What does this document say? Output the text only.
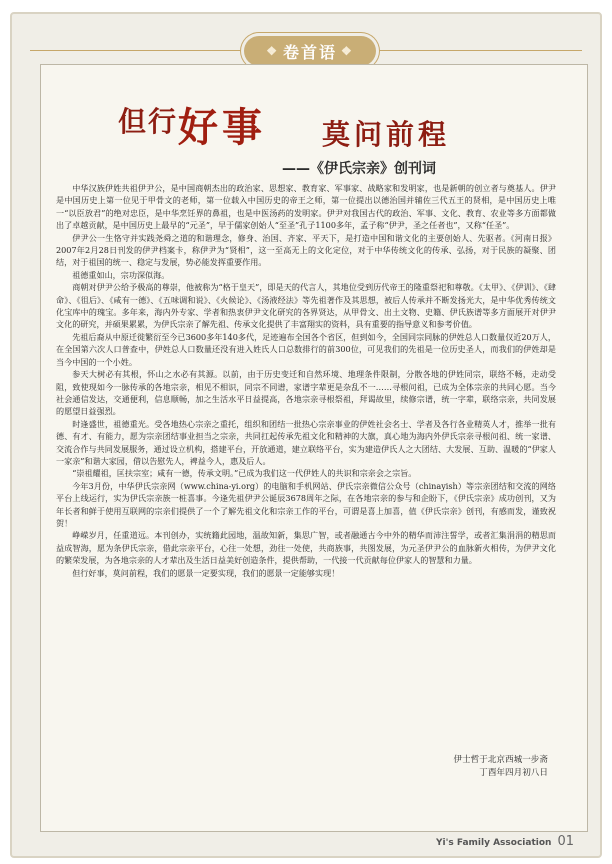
❖ 卷首语 ❖
但行好事 莫问前程
——《伊氏宗亲》创刊词

中华汉族伊姓共祖伊尹公，是中国商朝杰出的政治家、思想家、教育家、军事家、战略家和发明家，也是新朝的创立者与奠基人。伊尹是中国历史上第一位见于甲骨文的老师，第一位载入中国历史的帝王之师，第一位提出以德治国并辅佐三代五王的贤相，是中国历史上唯一“以臣放君”的绝对忠臣，是中华烹饪界的鼻祖，也是中医汤药的发明家。伊尹对我国古代的政治、军事、文化、教育、农业等多方面都做出了卓越贡献，是中国历史上最早的“元圣”，早于儒家创始人“至圣”孔子1100多年，孟子称“伊尹，圣之任者也”，又称“任圣”。

伊尹公一生恪守并实践尧舜之道的和谐理念，修身、治国、齐家、平天下，是打造中国和谐文化的主要创始人、先驱者。《河南日报》2007年2月28日刊发的伊尹档案卡，称伊尹为“贤相”，这一至高无上的文化定位，对于中华传统文化的传承、弘扬，对于民族的凝聚、团结，对于祖国的统一、稳定与发展，势必能发挥重要作用。

祖德重如山，宗功深似海。

商朝对伊尹公给予极高的尊崇，他被称为“格于皇天”，即是天的代言人，其地位受到历代帝王的隆重祭祀和尊敬。《太甲》、《伊训》、《肆命》、《徂后》、《咸有一德》、《五味调和说》、《火候论》、《汤液经法》等先祖著作及其思想，被后人传承并不断发扬光大，是中华优秀传统文化宝库中的瑰宝。多年来，海内外专家、学者和热衷伊尹文化研究的各界贤达，从甲骨文、出土文物、史籍、伊氏族谱等多方面展开对伊尹文化的研究，并硕果累累，为伊氏宗亲了解先祖、传承文化提供了丰富翔实的资料，具有重要的指导意义和参考价值。

先祖后裔从中原迁徙繁衍至今已3600多年140多代，足迹遍布全国各个省区，但到如今，全国同宗同脉的伊姓总人口数量仅近20万人，在全国第六次人口普查中，伊姓总人口数量还没有进入姓氏人口总数排行的前300位，可见我们的先祖是一位历史圣人，而我们的伊姓却是当今中国的一个小姓。

参天大树必有其根，怀山之水必有其源。以前，由于历史变迁和自然环境、地理条件限制，分散各地的伊姓同宗，联络不畅，走动受阻，致使现如今一脉传承的各地宗亲，相见不相识，同宗不同谱，家谱字辈更是杂乱不一……寻根问祖，已成为全体宗亲的共同心愿。当今社会通信发达，交通便利，信息顺畅，加之生活水平日益提高，各地宗亲寻根祭祖，拜谒故里，续修宗谱，统一字辈，联络宗亲，共同发展的愿望日益强烈。

时逢盛世，祖德重光。受各地热心宗亲之重托，组织和团结一批热心宗亲事业的伊姓社会名士、学者及各行各业精英人才，推举一批有德、有才、有能力，愿为宗亲团结事业担当之宗亲，共同扛起传承先祖文化和精神的大旗，真心地为海内外伊氏宗亲寻根问祖、统一家谱、交流合作与共同发展服务，通过设立机构，搭建平台，开放通道，建立联络平台，实为建造伊氏人之大团结、大发展、互助、温暖的“伊家人一家亲”和谐大家园，借以告慰先人，裨益今人，惠及后人。

“崇祖耀祖，匡扶宗室；咸有一德，传承文明。”已成为我们这一代伊姓人的共识和宗亲会之宗旨。

今年3月份，中华伊氏宗亲网（www.china-yi.org）的电脑和手机网站、伊氏宗亲微信公众号（chinayish）等宗亲团结和交流的网络平台上线运行，实为伊氏宗亲族一桩喜事。今逢先祖伊尹公诞辰3678周年之际，在各地宗亲的参与和企盼下，《伊氏宗亲》成功创刊，又为年长者和鲜于使用互联网的宗亲们提供了一个了解先祖文化和宗亲工作的平台，可谓是喜上加喜，值《伊氏宗亲》创刊，有感而发，谨致祝贺！

峥嵘岁月，任重道远。本刊创办，实统籍此园地，温故知新，集思广智，或者融通古今中外的精华而沛注誓学，或者汇集涓涓的精思而益成智海，愿为条伊氏宗亲，借此宗亲平台，心往一处想，劲往一处使，共商族事，共图发展，为元圣伊尹公的血脉新火相传，为伊尹文化的繁荣发展，为各地宗亲的人才辈出及生活日益美好创造条件，提供帮助，一代接一代贡献每位伊家人的智慧和力量。

但行好事，莫问前程，我们的愿景一定要实现，我们的愿景一定能够实现！

伊士哲于北京西城一步斋
丁酉年四月初八日
Yi's Family Association 01
